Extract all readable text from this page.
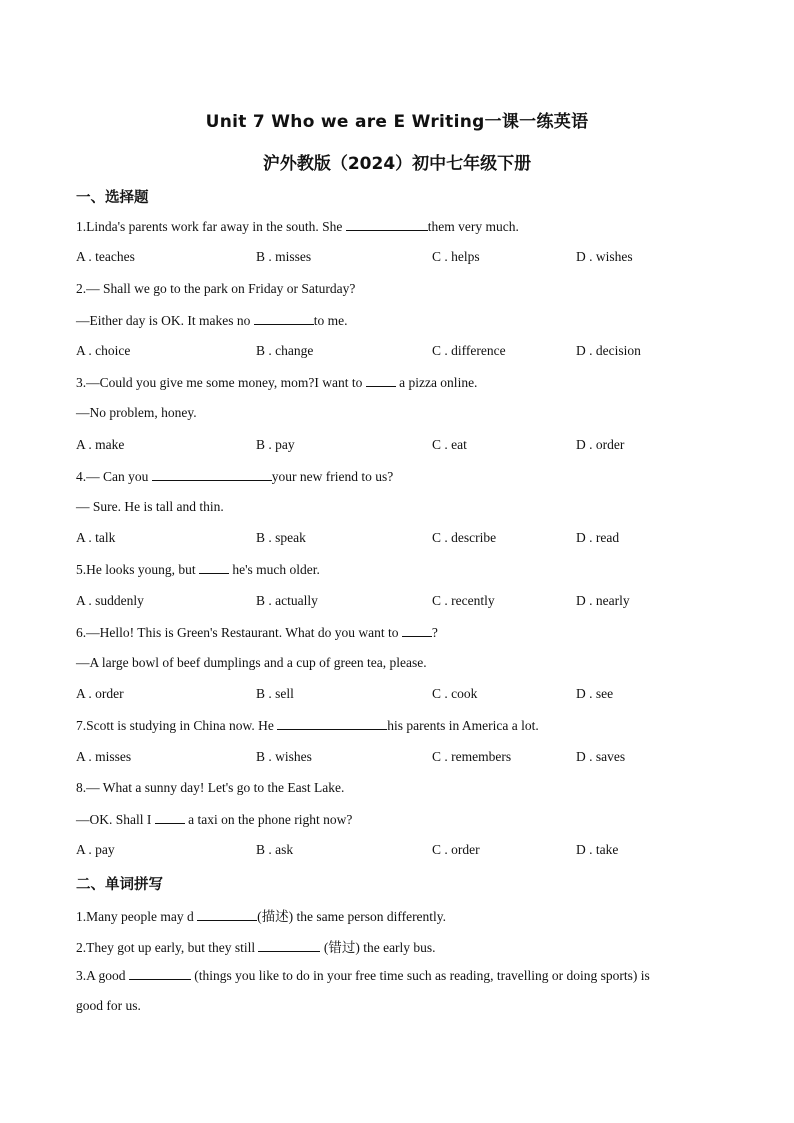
Unit 7 Who we are E Writing一课一练英语
沪外教版（2024）初中七年级下册
一、选择题
1.Linda's parents work far away in the south. She	them very much.
A . teaches	B . misses	C . helps	D . wishes
2.— Shall we go to the park on Friday or Saturday?
—Either day is OK. It makes no	to me.
A . choice	B . change	C . difference	D . decision
3.—Could you give me some money, mom?I want to  a pizza online.
—No problem, honey.
A . make	B . pay	C . eat	D . order
4.— Can you	your new friend to us?
— Sure. He is tall and thin.
A . talk	B . speak	C . describe	D . read
5.He looks young, but  he's much older.
A . suddenly	B . actually	C . recently	D . nearly
6.—Hello! This is Green's Restaurant. What do you want to ?
—A large bowl of beef dumplings and a cup of green tea, please.
A . order	B . sell	C . cook	D . see
7.Scott is studying in China now. He	his parents in America a lot.
A . misses	B . wishes	C . remembers	D . saves
8.— What a sunny day! Let's go to the East Lake.
—OK. Shall I  a taxi on the phone right now?
A . pay	B . ask	C . order	D . take
二、单词拼写
1.Many people may d	(描述) the same person differently.
2.They got up early, but they still	(错过) the early bus.
3.A good	(things you like to do in your free time such as reading, travelling or doing sports) is
good for us.
